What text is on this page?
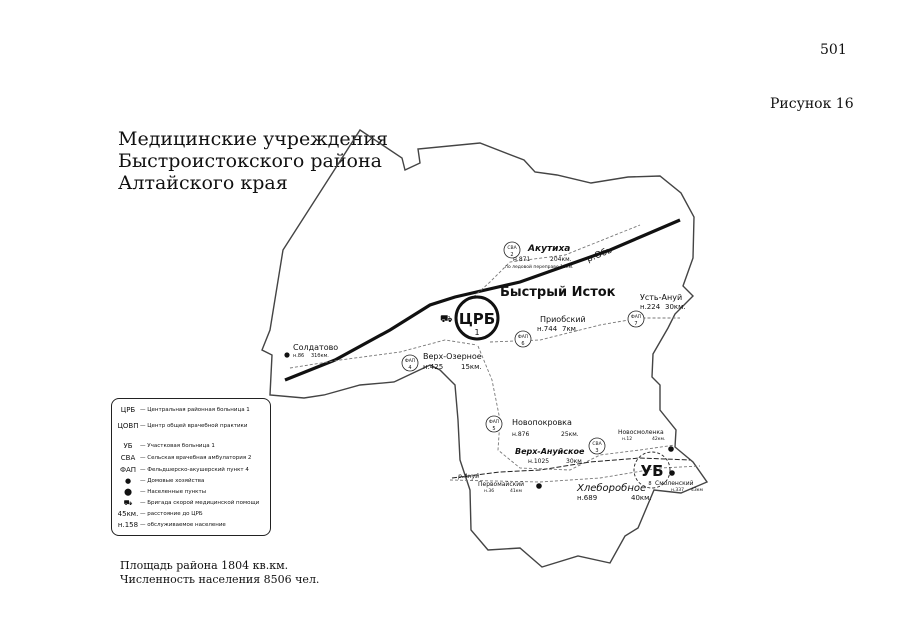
501
Рисунок 16
Медицинские учреждения
Быстроистокского района
Алтайского края
р.Обь
р.Ануй
ЦРБ
1
⛟
Быстрый Исток
СВА
2
Акутиха
н.871	204км.
по ледовой переправе 16км.
Усть-Ануй
н.224 30км.
ФАП
7
Приобский
н.744 7км.
ФАП
6
Солдатово
н.86 31бкм.
ФАП
4
Верх-Озерное
н.425	15км.
ФАП
5
Новопокровка
н.876	25км.	Новосмоленка
н.12	42км.
Верх-Ануйское
н.1025	30км
СВА
3
УБ
8
Первомайский
н.36	41км	Хлеборобное
н.689	40км.
Смоленский
н.337 43км
ЦРБ — Центральная районная больница 1
ЦОВП — Центр общей врачебной практики
УБ	— Участковая больница 1
СВА — Сельская врачебная амбулатория 2
ФАП — Фельдшерско-акушерский пункт 4
●	— Домовые хозяйства
⬤	— Населенные пункты
⛟	— Бригада скорой медицинской помощи
45км. — расстояние до ЦРБ
н.158 — обслуживаемое население
Площадь района 1804 кв.км.
Численность населения 8506 чел.
